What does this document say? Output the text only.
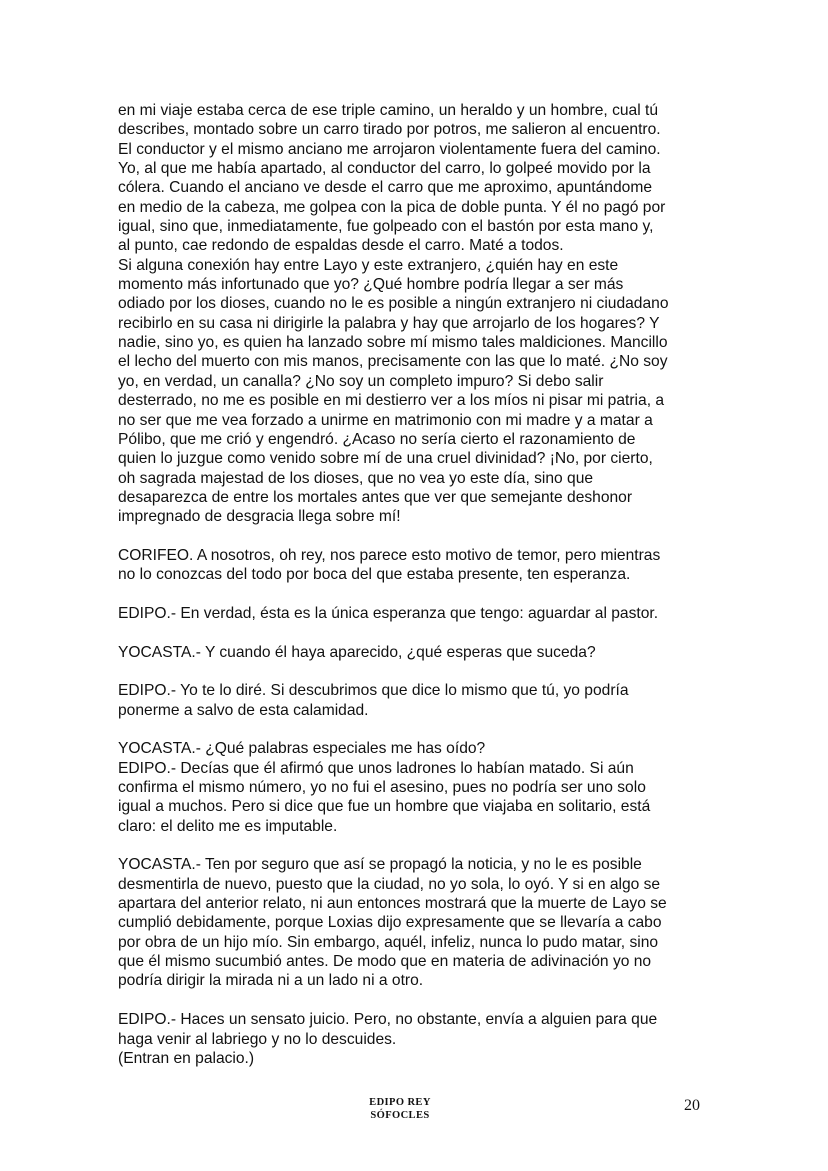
en mi viaje estaba cerca de ese triple camino, un heraldo y un hombre, cual tú
describes, montado sobre un carro tirado por potros, me salieron al encuentro.
El conductor y el mismo anciano me arrojaron violentamente fuera del camino.
Yo, al que me había apartado, al conductor del carro, lo golpeé movido por la
cólera. Cuando el anciano ve desde el carro que me aproximo, apuntándome
en medio de la cabeza, me golpea con la pica de doble punta. Y él no pagó por
igual, sino que, inmediatamente, fue golpeado con el bastón por esta mano y,
al punto, cae redondo de espaldas desde el carro. Maté a todos.
Si alguna conexión hay entre Layo y este extranjero, ¿quién hay en este
momento más infortunado que yo? ¿Qué hombre podría llegar a ser más
odiado por los dioses, cuando no le es posible a ningún extranjero ni ciudadano
recibirlo en su casa ni dirigirle la palabra y hay que arrojarlo de los hogares? Y
nadie, sino yo, es quien ha lanzado sobre mí mismo tales maldiciones. Mancillo
el lecho del muerto con mis manos, precisamente con las que lo maté. ¿No soy
yo, en verdad, un canalla? ¿No soy un completo impuro? Si debo salir
desterrado, no me es posible en mi destierro ver a los míos ni pisar mi patria, a
no ser que me vea forzado a unirme en matrimonio con mi madre y a matar a
Pólibo, que me crió y engendró. ¿Acaso no sería cierto el razonamiento de
quien lo juzgue como venido sobre mí de una cruel divinidad? ¡No, por cierto,
oh sagrada majestad de los dioses, que no vea yo este día, sino que
desaparezca de entre los mortales antes que ver que semejante deshonor
impregnado de desgracia llega sobre mí!
CORIFEO. A nosotros, oh rey, nos parece esto motivo de temor, pero mientras
no lo conozcas del todo por boca del que estaba presente, ten esperanza.
EDIPO.- En verdad, ésta es la única esperanza que tengo: aguardar al pastor.
YOCASTA.- Y cuando él haya aparecido, ¿qué esperas que suceda?
EDIPO.- Yo te lo diré. Si descubrimos que dice lo mismo que tú, yo podría
ponerme a salvo de esta calamidad.
YOCASTA.- ¿Qué palabras especiales me has oído?
EDIPO.- Decías que él afirmó que unos ladrones lo habían matado. Si aún
confirma el mismo número, yo no fui el asesino, pues no podría ser uno solo
igual a muchos. Pero si dice que fue un hombre que viajaba en solitario, está
claro: el delito me es imputable.
YOCASTA.- Ten por seguro que así se propagó la noticia, y no le es posible
desmentirla de nuevo, puesto que la ciudad, no yo sola, lo oyó. Y si en algo se
apartara del anterior relato, ni aun entonces mostrará que la muerte de Layo se
cumplió debidamente, porque Loxias dijo expresamente que se llevaría a cabo
por obra de un hijo mío. Sin embargo, aquél, infeliz, nunca lo pudo matar, sino
que él mismo sucumbió antes. De modo que en materia de adivinación yo no
podría dirigir la mirada ni a un lado ni a otro.
EDIPO.- Haces un sensato juicio. Pero, no obstante, envía a alguien para que
haga venir al labriego y no lo descuides.
(Entran en palacio.)
EDIPO REY
SÓFOCLES
20
